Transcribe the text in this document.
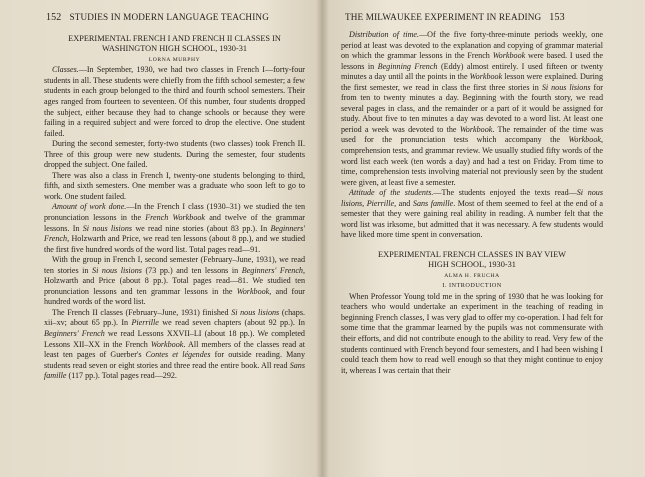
152 STUDIES IN MODERN LANGUAGE TEACHING

EXPERIMENTAL FRENCH I AND FRENCH II CLASSES IN
WASHINGTON HIGH SCHOOL, 1930-31

LORNA MURPHY

Classes.—In September, 1930, we had two classes in French I—forty-four students in all. These students were chiefly from the fifth school semester; a few students in each group belonged to the third and fourth school semesters. Their ages ranged from fourteen to seventeen. Of this number, four students dropped the subject, either because they had to change schools or because they were failing in a required subject and were forced to drop the elective. One student failed.

During the second semester, forty-two students (two classes) took French II. Three of this group were new students. During the semester, four students dropped the subject. One failed.

There was also a class in French I, twenty-one students belonging to third, fifth, and sixth semesters. One member was a graduate who soon left to go to work. One student failed.

Amount of work done.—In the French I class (1930–31) we studied the ten pronunciation lessons in the French Workbook and twelve of the grammar lessons. In Si nous lisions we read nine stories (about 83 pp.). In Beginners' French, Holzwarth and Price, we read ten lessons (about 8 pp.), and we studied the first five hundred words of the word list. Total pages read—91.

With the group in French I, second semester (February–June, 1931), we read ten stories in Si nous lisions (73 pp.) and ten lessons in Beginners' French, Holzwarth and Price (about 8 pp.). Total pages read—81. We studied ten pronunciation lessons and ten grammar lessons in the Workbook, and four hundred words of the word list.

The French II classes (February–June, 1931) finished Si nous lisions (chaps. xii–xv; about 65 pp.). In Pierrille we read seven chapters (about 92 pp.). In Beginners' French we read Lessons XXVII–LI (about 18 pp.). We completed Lessons XII–XX in the French Workbook. All members of the classes read at least ten pages of Guerber's Contes et légendes for outside reading. Many students read seven or eight stories and three read the entire book. All read Sans famille (117 pp.). Total pages read—292.

THE MILWAUKEE EXPERIMENT IN READING 153

Distribution of time.—Of the five forty-three-minute periods weekly, one period at least was devoted to the explanation and copying of grammar material on which the grammar lessons in the French Workbook were based. I used the lessons in Beginning French (Eddy) almost entirely. I used fifteen or twenty minutes a day until all the points in the Workbook lesson were explained. During the first semester, we read in class the first three stories in Si nous lisions for from ten to twenty minutes a day. Beginning with the fourth story, we read several pages in class, and the remainder or a part of it would be assigned for study. About five to ten minutes a day was devoted to a word list. At least one period a week was devoted to the Workbook. The remainder of the time was used for the pronunciation tests which accompany the Workbook, comprehension tests, and grammar review. We usually studied fifty words of the word list each week (ten words a day) and had a test on Friday. From time to time, comprehension tests involving material not previously seen by the student were given, at least five a semester.

Attitude of the students.—The students enjoyed the texts read—Si nous lisions, Pierrille, and Sans famille. Most of them seemed to feel at the end of a semester that they were gaining real ability in reading. A number felt that the word list was irksome, but admitted that it was necessary. A few students would have liked more time spent in conversation.

EXPERIMENTAL FRENCH CLASSES IN BAY VIEW
HIGH SCHOOL, 1930-31

ALMA H. FRUCHA

I. INTRODUCTION

When Professor Young told me in the spring of 1930 that he was looking for teachers who would undertake an experiment in the teaching of reading in beginning French classes, I was very glad to offer my co-operation. I had felt for some time that the grammar learned by the pupils was not commensurate with their efforts, and did not contribute enough to the ability to read. Very few of the students continued with French beyond four semesters, and I had been wishing I could teach them how to read well enough so that they might continue to enjoy it, whereas I was certain that their
